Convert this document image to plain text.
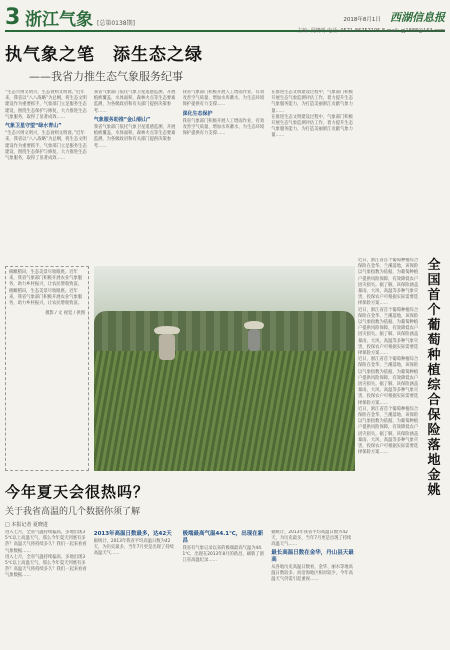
3 浙江气象 [总第0138期]	2018年8月1日 西湖信息报
主编: 夏晓明 电话: 0571-86757195 E-mail: gj1888@163.com
执气象之笔　添生态之绿
——我省力推生态气象服务纪事

“生态兴则文明兴，生态衰则文明衰。”近年来，我省以“八八战略”为总纲，将生态文明建设作为重要抓手，气象部门立足服务生态建设，围绕生态保护与修复，大力推进生态气象服务，取得了显著成效……

气象卫星守望“绿水青山”

“生态兴则文明兴，生态衰则文明衰。”近年来，我省以“八八战略”为总纲，将生态文明建设作为重要抓手，气象部门立足服务生态建设，围绕生态保护与修复，大力推进生态气象服务，取得了显著成效……

我省气象部门依托气象卫星遥感监测，开展植被覆盖、水体面积、森林火点等生态要素监测，为各级政府和有关部门提供决策参考……

气象服务助推“金山银山”

我省气象部门依托气象卫星遥感监测，开展植被覆盖、水体面积、森林火点等生态要素监测，为各级政府和有关部门提供决策参考……

我省气象部门积极开展人工增雨作业，有效改善空气质量、增加水库蓄水，为生态环境保护提供有力支撑……

深化生态保护

我省气象部门积极开展人工增雨作业，有效改善空气质量、增加水库蓄水，为生态环境保护提供有力支撑……

在推进生态文明建设过程中，气象部门积极开展生态气象监测评估工作，着力提升生态气象服务能力，为打造美丽浙江贡献气象力量……

在推进生态文明建设过程中，气象部门积极开展生态气象监测评估工作，着力提升生态气象服务能力，为打造美丽浙江贡献气象力量……

俯瞰稻田，生态美景尽收眼底。近年来，我省气象部门积极开展农业气象服务，助力乡村振兴，让农民增收致富。

俯瞰稻田，生态美景尽收眼底。近年来，我省气象部门积极开展农业气象服务，助力乡村振兴，让农民增收致富。

摄影 / 文 视觉 / 供图

今年夏天会很热吗？
关于我省高温的几个数据你须了解
□ 本报记者 夏晓进

进入七月，全省气温持续偏高，多地出现35℃以上高温天气，那么今年夏天到底有多热？高温天气将持续多久？我们一起来看看气象数据……

进入七月，全省气温持续偏高，多地出现35℃以上高温天气，那么今年夏天到底有多热？高温天气将持续多久？我们一起来看看气象数据……

2013年高温日数最多，达42天

据统计，2013年我省平均高温日数为42天，为历史最多，当年7月更是出现了持续高温天气……

极端最高气温44.1℃，出现在新昌

我省有气象记录以来的极端最高气温为44.1℃，出现在2013年8月的新昌，刷新了浙江省高温纪录……

据统计，2013年我省平均高温日数为42天，为历史最多，当年7月更是出现了持续高温天气……

最长高温日数在金华，丹山县天最高

从各地历史高温日数看，金华、丽水等地高温日数较多，而沿海地区相对较少，今年高温天气仍需引起重视……

近日，浙江省首个葡萄种植综合保险在金华、兰溪落地，该保险以气象指数为依据，为葡萄种植户提供风险保障，有效降低农户因灾损失。据了解，该保险涵盖暴雨、大风、高温等多种气象灾害，投保农户可根据实际需要选择保险方案……

近日，浙江省首个葡萄种植综合保险在金华、兰溪落地，该保险以气象指数为依据，为葡萄种植户提供风险保障，有效降低农户因灾损失。据了解，该保险涵盖暴雨、大风、高温等多种气象灾害，投保农户可根据实际需要选择保险方案……

近日，浙江省首个葡萄种植综合保险在金华、兰溪落地，该保险以气象指数为依据，为葡萄种植户提供风险保障，有效降低农户因灾损失。据了解，该保险涵盖暴雨、大风、高温等多种气象灾害，投保农户可根据实际需要选择保险方案……

近日，浙江省首个葡萄种植综合保险在金华、兰溪落地，该保险以气象指数为依据，为葡萄种植户提供风险保障，有效降低农户因灾损失。据了解，该保险涵盖暴雨、大风、高温等多种气象灾害，投保农户可根据实际需要选择保险方案……

全国首个葡萄种植综合保险落地金姚
